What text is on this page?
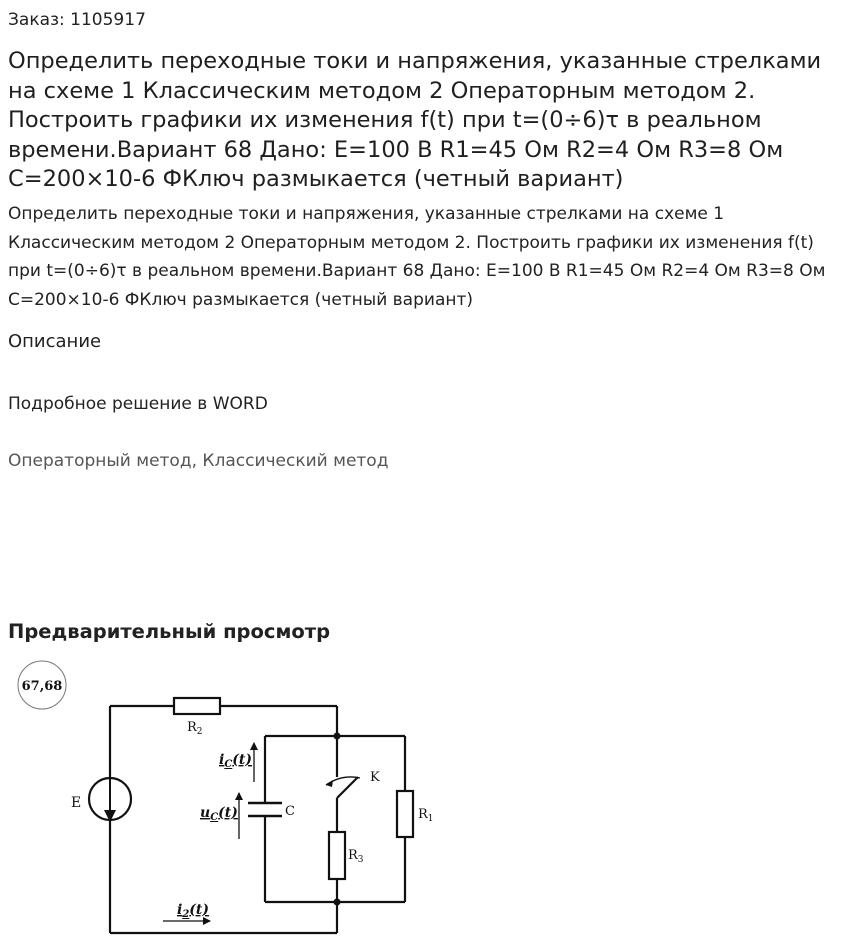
Заказ: 1105917
Определить переходные токи и напряжения, указанные стрелками на схеме 1 Классическим методом 2 Операторным методом 2. Построить графики их изменения f(t) при t=(0÷6)τ в реальном времени.Вариант 68 Дано: E=100 В R1=45 Ом R2=4 Ом R3=8 Ом C=200×10-6 ФКлюч размыкается (четный вариант)

Определить переходные токи и напряжения, указанные стрелками на схеме 1 Классическим методом 2 Операторным методом 2. Построить графики их изменения f(t) при t=(0÷6)τ в реальном времени.Вариант 68 Дано: E=100 В R1=45 Ом R2=4 Ом R3=8 Ом C=200×10-6 ФКлюч размыкается (четный вариант)

Описание
Подробное решение в WORD
Операторный метод, Классический метод
Предварительный просмотр
67,68
E
$R_2$
$R_1$
$R_3$
C
K
$i_C(t)$
$u_C(t)$
$i_2(t)$
